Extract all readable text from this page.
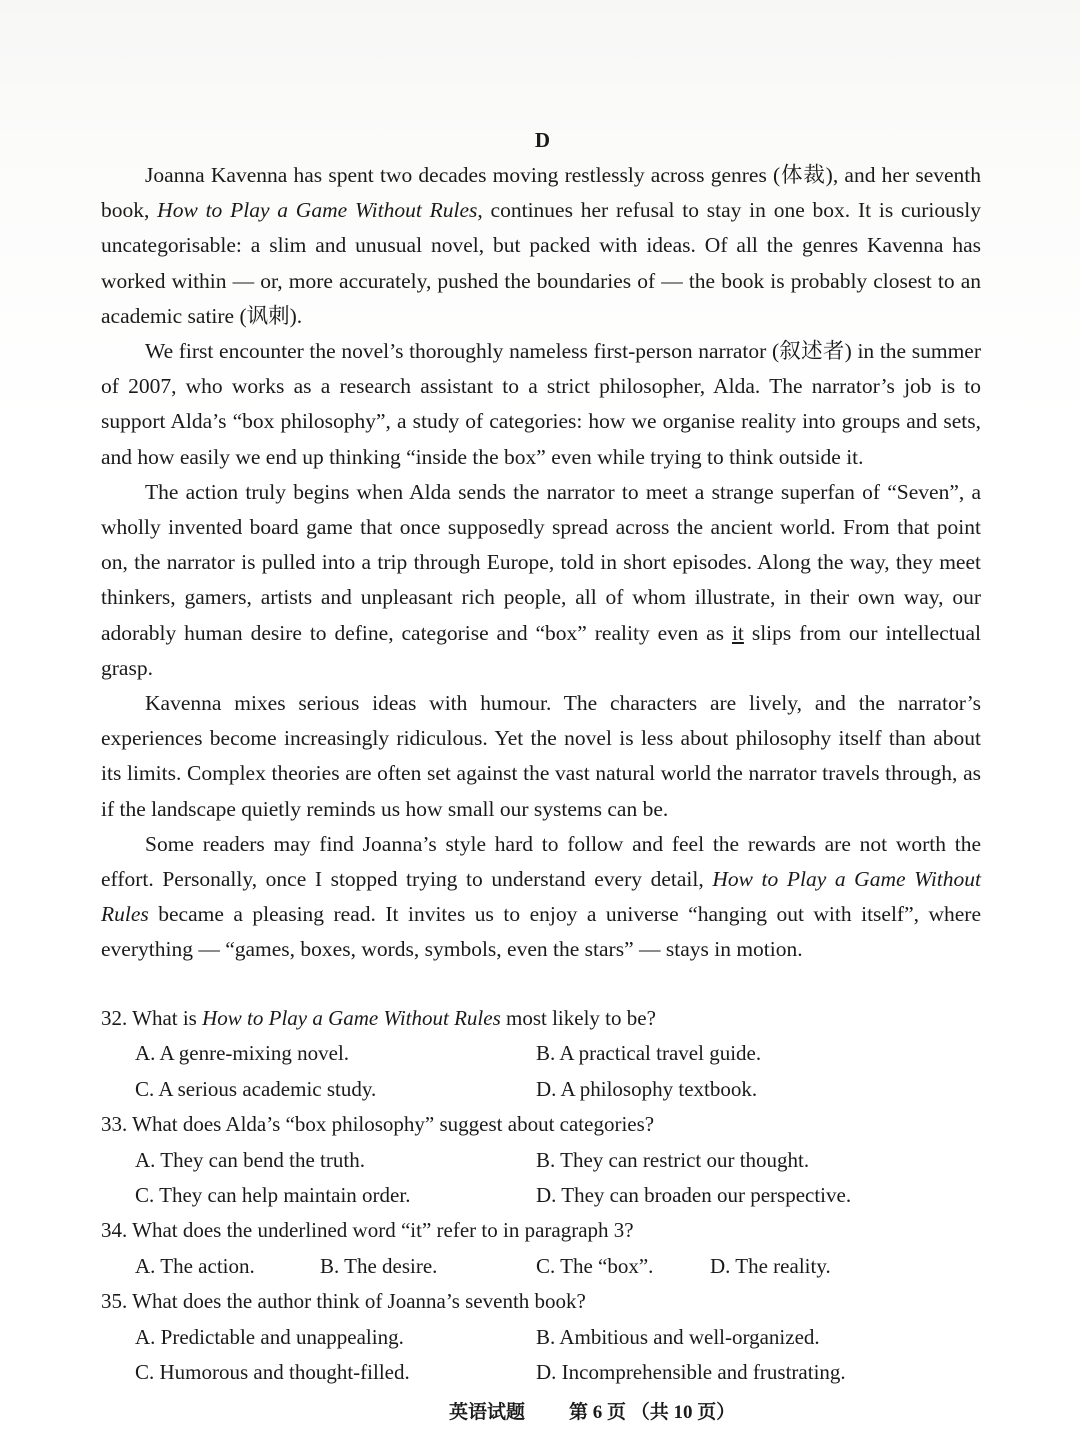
D

Joanna Kavenna has spent two decades moving restlessly across genres (体裁), and her seventh book, How to Play a Game Without Rules, continues her refusal to stay in one box. It is curiously uncategorisable: a slim and unusual novel, but packed with ideas. Of all the genres Kavenna has worked within — or, more accurately, pushed the boundaries of — the book is probably closest to an academic satire (讽刺).

We first encounter the novel’s thoroughly nameless first-person narrator (叙述者) in the summer of 2007, who works as a research assistant to a strict philosopher, Alda. The narrator’s job is to support Alda’s “box philosophy”, a study of categories: how we organise reality into groups and sets, and how easily we end up thinking “inside the box” even while trying to think outside it.

The action truly begins when Alda sends the narrator to meet a strange superfan of “Seven”, a wholly invented board game that once supposedly spread across the ancient world. From that point on, the narrator is pulled into a trip through Europe, told in short episodes. Along the way, they meet thinkers, gamers, artists and unpleasant rich people, all of whom illustrate, in their own way, our adorably human desire to define, categorise and “box” reality even as it slips from our intellectual grasp.

Kavenna mixes serious ideas with humour. The characters are lively, and the narrator’s experiences become increasingly ridiculous. Yet the novel is less about philosophy itself than about its limits. Complex theories are often set against the vast natural world the narrator travels through, as if the landscape quietly reminds us how small our systems can be.

Some readers may find Joanna’s style hard to follow and feel the rewards are not worth the effort. Personally, once I stopped trying to understand every detail, How to Play a Game Without Rules became a pleasing read. It invites us to enjoy a universe “hanging out with itself”, where everything — “games, boxes, words, symbols, even the stars” — stays in motion.

32. What is How to Play a Game Without Rules most likely to be?
A. A genre-mixing novel.	B. A practical travel guide.
C. A serious academic study.	D. A philosophy textbook.
33. What does Alda’s “box philosophy” suggest about categories?
A. They can bend the truth.	B. They can restrict our thought.
C. They can help maintain order.	D. They can broaden our perspective.
34. What does the underlined word “it” refer to in paragraph 3?
A. The action.	B. The desire.	C. The “box”.	D. The reality.
35. What does the author think of Joanna’s seventh book?
A. Predictable and unappealing.	B. Ambitious and well-organized.
C. Humorous and thought-filled.	D. Incomprehensible and frustrating.
英语试题 第 6 页 （共 10 页）
